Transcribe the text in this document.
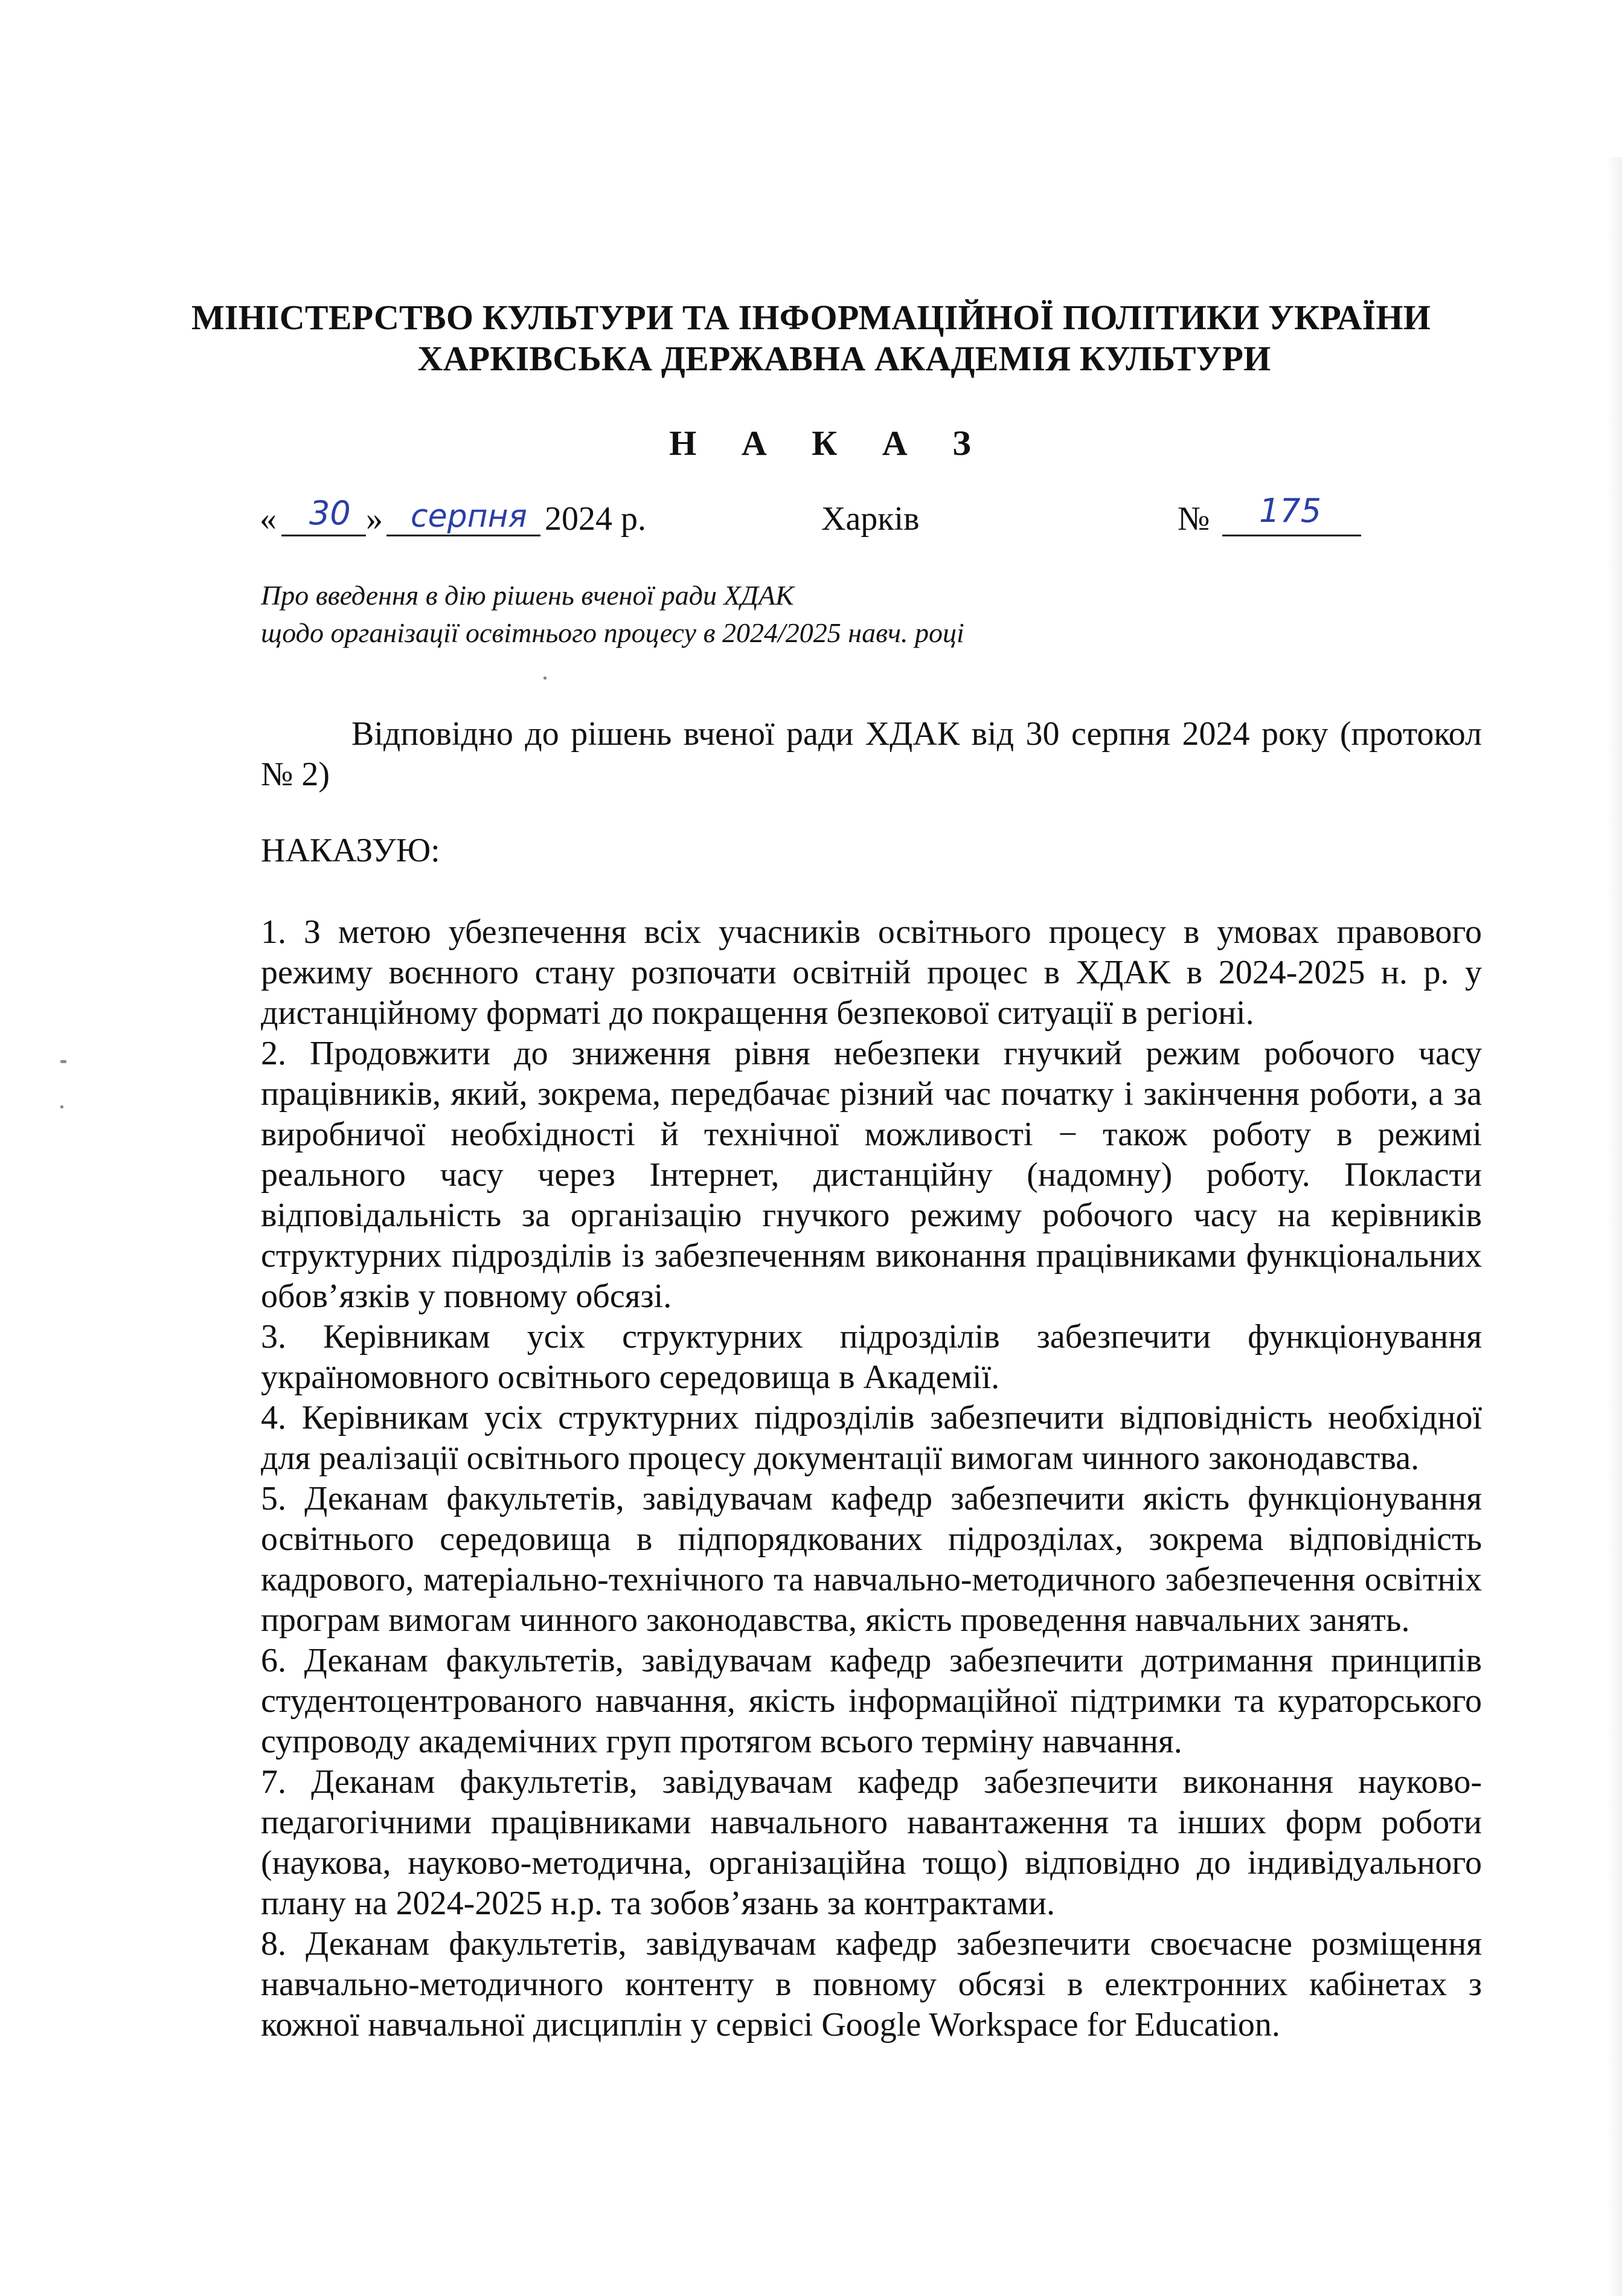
МІНІСТЕРСТВО КУЛЬТУРИ ТА ІНФОРМАЦІЙНОЇ ПОЛІТИКИ УКРАЇНИ
ХАРКІВСЬКА ДЕРЖАВНА АКАДЕМІЯ КУЛЬТУРИ
Н А К А З
« 30 » серпня 2024 р.	Харків	№ 175
Про введення в дію рішень вченої ради ХДАК
щодо організації освітнього процесу в 2024/2025 навч. році

Відповідно до рішень вченої ради ХДАК від 30 серпня 2024 року (протокол № 2)

НАКАЗУЮ:

1. З метою убезпечення всіх учасників освітнього процесу в умовах правового режиму воєнного стану розпочати освітній процес в ХДАК в 2024-2025 н. р. у дистанційному форматі до покращення безпекової ситуації в регіоні.

2. Продовжити до зниження рівня небезпеки гнучкий режим робочого часу працівників, який, зокрема, передбачає різний час початку і закінчення роботи, а за виробничої необхідності й технічної можливості − також роботу в режимі реального часу через Інтернет, дистанційну (надомну) роботу. Покласти відповідальність за організацію гнучкого режиму робочого часу на керівників структурних підрозділів із забезпеченням виконання працівниками функціональних обов’язків у повному обсязі.

3. Керівникам усіх структурних підрозділів забезпечити функціонування україномовного освітнього середовища в Академії.

4. Керівникам усіх структурних підрозділів забезпечити відповідність необхідної для реалізації освітнього процесу документації вимогам чинного законодавства.

5. Деканам факультетів, завідувачам кафедр забезпечити якість функціонування освітнього середовища в підпорядкованих підрозділах, зокрема відповідність кадрового, матеріально-технічного та навчально-методичного забезпечення освітніх програм вимогам чинного законодавства, якість проведення навчальних занять.

6. Деканам факультетів, завідувачам кафедр забезпечити дотримання принципів студентоцентрованого навчання, якість інформаційної підтримки та кураторського супроводу академічних груп протягом всього терміну навчання.

7. Деканам факультетів, завідувачам кафедр забезпечити виконання науково-педагогічними працівниками навчального навантаження та інших форм роботи (наукова, науково-методична, організаційна тощо) відповідно до індивідуального плану на 2024-2025 н.р. та зобов’язань за контрактами.

8. Деканам факультетів, завідувачам кафедр забезпечити своєчасне розміщення навчально-методичного контенту в повному обсязі в електронних кабінетах з кожної навчальної дисциплін у сервісі Google Workspace for Education.
